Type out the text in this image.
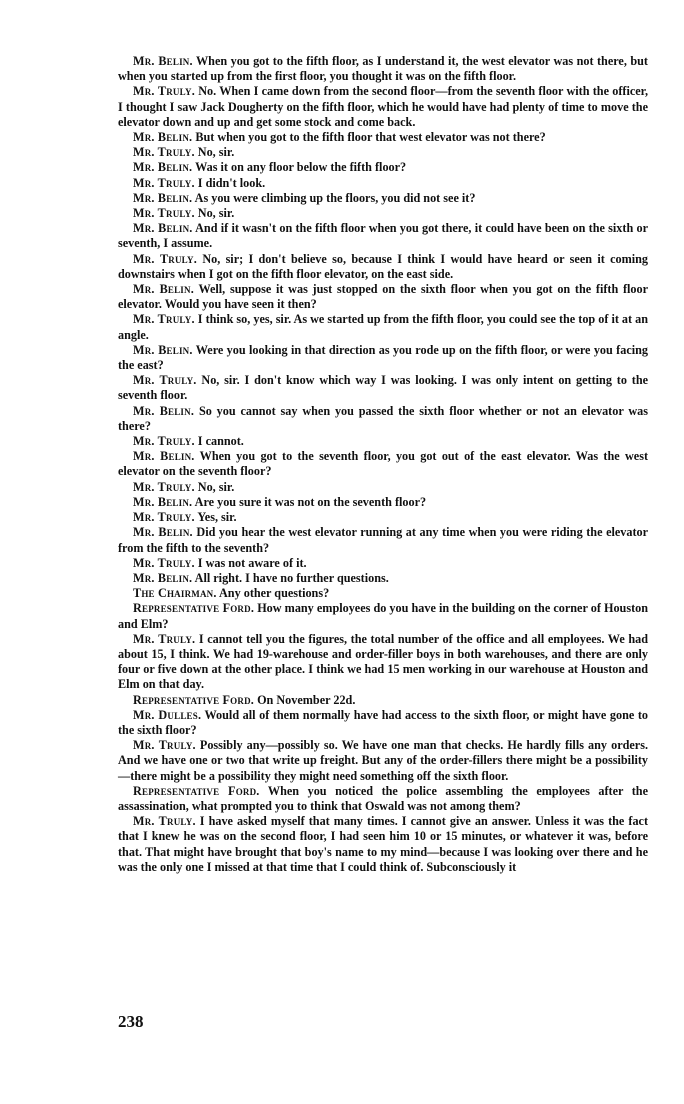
Mr. Belin. When you got to the fifth floor, as I understand it, the west elevator was not there, but when you started up from the first floor, you thought it was on the fifth floor.

Mr. Truly. No. When I came down from the second floor—from the seventh floor with the officer, I thought I saw Jack Dougherty on the fifth floor, which he would have had plenty of time to move the elevator down and up and get some stock and come back.

Mr. Belin. But when you got to the fifth floor that west elevator was not there?

Mr. Truly. No, sir.

Mr. Belin. Was it on any floor below the fifth floor?

Mr. Truly. I didn't look.

Mr. Belin. As you were climbing up the floors, you did not see it?

Mr. Truly. No, sir.

Mr. Belin. And if it wasn't on the fifth floor when you got there, it could have been on the sixth or seventh, I assume.

Mr. Truly. No, sir; I don't believe so, because I think I would have heard or seen it coming downstairs when I got on the fifth floor elevator, on the east side.

Mr. Belin. Well, suppose it was just stopped on the sixth floor when you got on the fifth floor elevator. Would you have seen it then?

Mr. Truly. I think so, yes, sir. As we started up from the fifth floor, you could see the top of it at an angle.

Mr. Belin. Were you looking in that direction as you rode up on the fifth floor, or were you facing the east?

Mr. Truly. No, sir. I don't know which way I was looking. I was only intent on getting to the seventh floor.

Mr. Belin. So you cannot say when you passed the sixth floor whether or not an elevator was there?

Mr. Truly. I cannot.

Mr. Belin. When you got to the seventh floor, you got out of the east elevator. Was the west elevator on the seventh floor?

Mr. Truly. No, sir.

Mr. Belin. Are you sure it was not on the seventh floor?

Mr. Truly. Yes, sir.

Mr. Belin. Did you hear the west elevator running at any time when you were riding the elevator from the fifth to the seventh?

Mr. Truly. I was not aware of it.

Mr. Belin. All right. I have no further questions.

The Chairman. Any other questions?

Representative Ford. How many employees do you have in the building on the corner of Houston and Elm?

Mr. Truly. I cannot tell you the figures, the total number of the office and all employees. We had about 15, I think. We had 19-warehouse and order-filler boys in both warehouses, and there are only four or five down at the other place. I think we had 15 men working in our warehouse at Houston and Elm on that day.

Representative Ford. On November 22d.

Mr. Dulles. Would all of them normally have had access to the sixth floor, or might have gone to the sixth floor?

Mr. Truly. Possibly any—possibly so. We have one man that checks. He hardly fills any orders. And we have one or two that write up freight. But any of the order-fillers there might be a possibility—there might be a possibility they might need something off the sixth floor.

Representative Ford. When you noticed the police assembling the employees after the assassination, what prompted you to think that Oswald was not among them?

Mr. Truly. I have asked myself that many times. I cannot give an answer. Unless it was the fact that I knew he was on the second floor, I had seen him 10 or 15 minutes, or whatever it was, before that. That might have brought that boy's name to my mind—because I was looking over there and he was the only one I missed at that time that I could think of. Subconsciously it

238
